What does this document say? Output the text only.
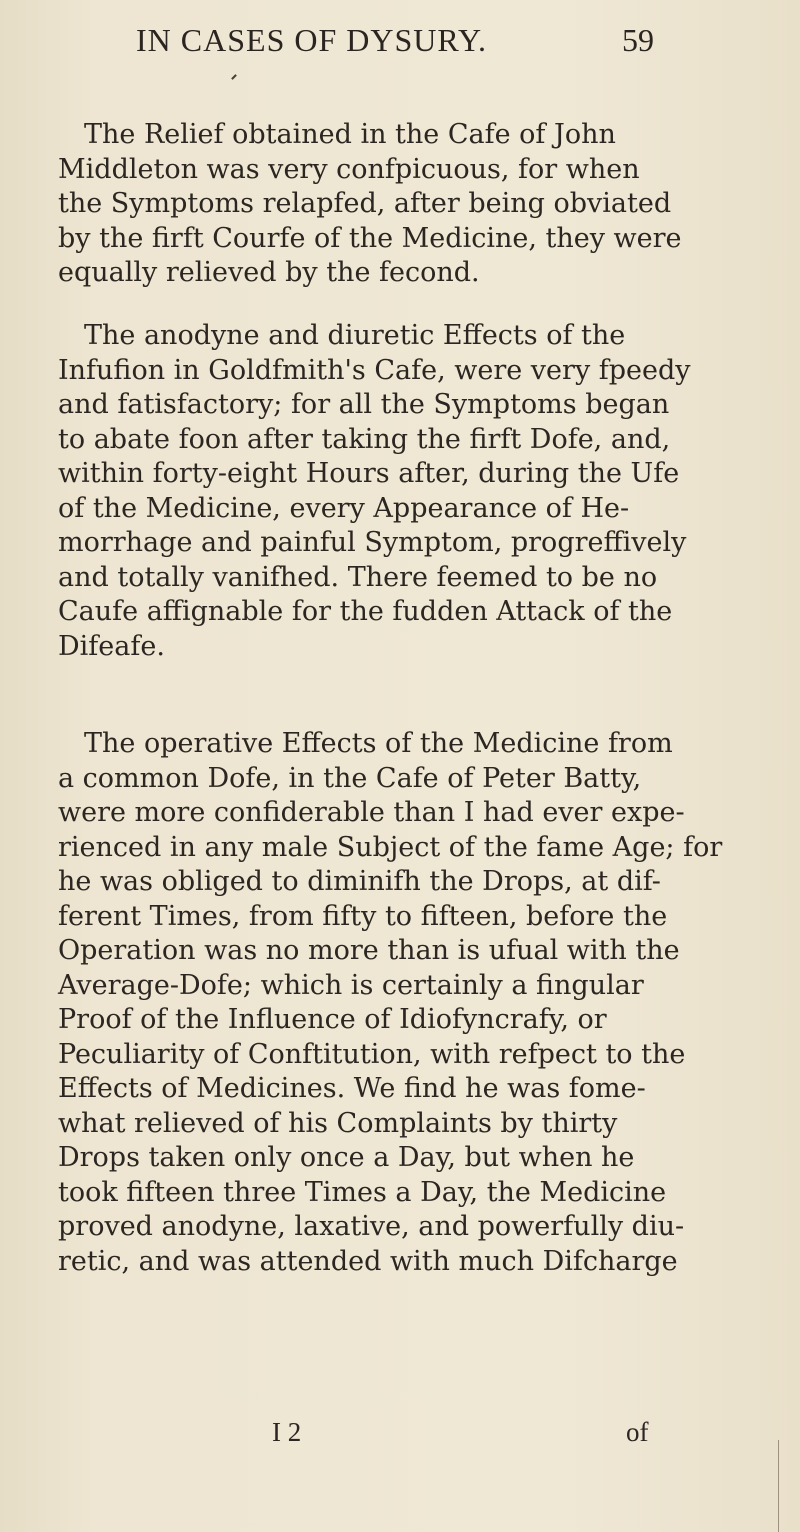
IN CASES OF DYSURY.	59
The Relief obtained in the Cafe of John
Middleton was very confpicuous, for when
the Symptoms relapfed, after being obviated
by the firft Courfe of the Medicine, they were
equally relieved by the fecond.
The anodyne and diuretic Effects of the
Infufion in Goldfmith's Cafe, were very fpeedy
and fatisfactory; for all the Symptoms began
to abate foon after taking the firft Dofe, and,
within forty-eight Hours after, during the Ufe
of the Medicine, every Appearance of He-
morrhage and painful Symptom, progreffively
and totally vanifhed. There feemed to be no
Caufe affignable for the fudden Attack of the
Difeafe.
The operative Effects of the Medicine from
a common Dofe, in the Cafe of Peter Batty,
were more confiderable than I had ever expe-
rienced in any male Subject of the fame Age; for
he was obliged to diminifh the Drops, at dif-
ferent Times, from fifty to fifteen, before the
Operation was no more than is ufual with the
Average-Dofe; which is certainly a fingular
Proof of the Influence of Idiofyncrafy, or
Peculiarity of Conftitution, with refpect to the
Effects of Medicines. We find he was fome-
what relieved of his Complaints by thirty
Drops taken only once a Day, but when he
took fifteen three Times a Day, the Medicine
proved anodyne, laxative, and powerfully diu-
retic, and was attended with much Difcharge
I 2	of
